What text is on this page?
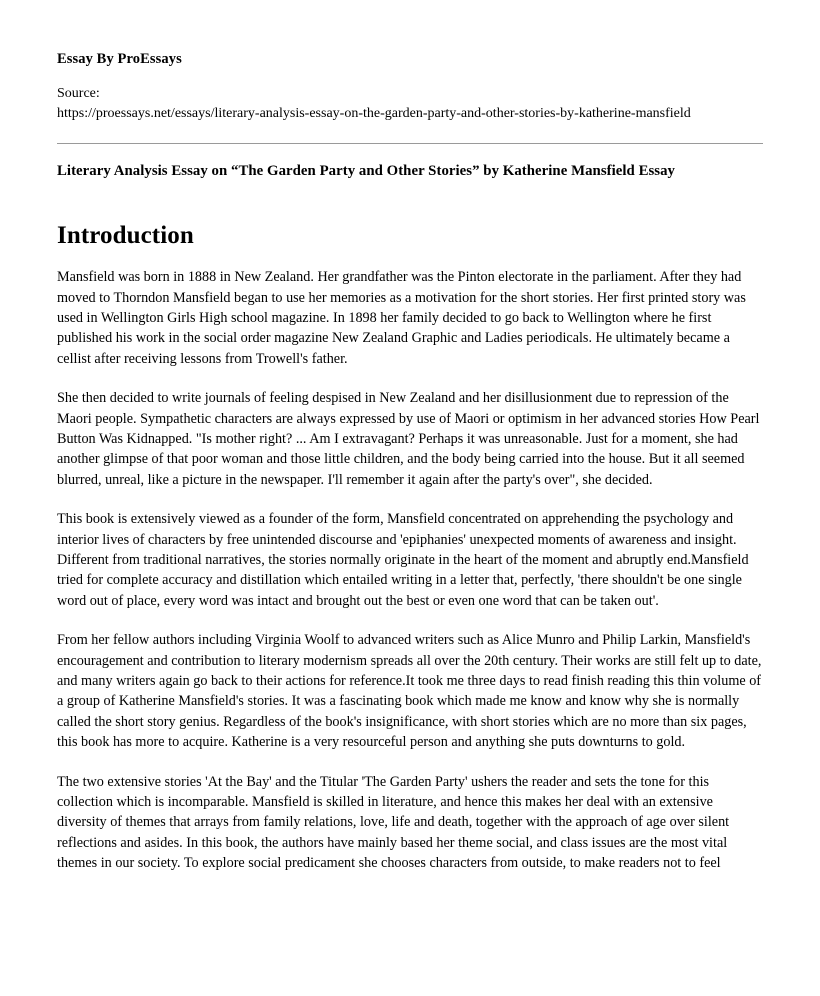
Essay By ProEssays
Source:
https://proessays.net/essays/literary-analysis-essay-on-the-garden-party-and-other-stories-by-katherine-mansfield
Literary Analysis Essay on “The Garden Party and Other Stories” by Katherine Mansfield Essay
Introduction

Mansfield was born in 1888 in New Zealand. Her grandfather was the Pinton electorate in the parliament. After they had moved to Thorndon Mansfield began to use her memories as a motivation for the short stories. Her first printed story was used in Wellington Girls High school magazine. In 1898 her family decided to go back to Wellington where he first published his work in the social order magazine New Zealand Graphic and Ladies periodicals. He ultimately became a cellist after receiving lessons from Trowell's father.

She then decided to write journals of feeling despised in New Zealand and her disillusionment due to repression of the Maori people. Sympathetic characters are always expressed by use of Maori or optimism in her advanced stories How Pearl Button Was Kidnapped. "Is mother right? ... Am I extravagant? Perhaps it was unreasonable. Just for a moment, she had another glimpse of that poor woman and those little children, and the body being carried into the house. But it all seemed blurred, unreal, like a picture in the newspaper. I'll remember it again after the party's over", she decided.

This book is extensively viewed as a founder of the form, Mansfield concentrated on apprehending the psychology and interior lives of characters by free unintended discourse and 'epiphanies' unexpected moments of awareness and insight. Different from traditional narratives, the stories normally originate in the heart of the moment and abruptly end.Mansfield tried for complete accuracy and distillation which entailed writing in a letter that, perfectly, 'there shouldn't be one single word out of place, every word was intact and brought out the best or even one word that can be taken out'.

From her fellow authors including Virginia Woolf to advanced writers such as Alice Munro and Philip Larkin, Mansfield's encouragement and contribution to literary modernism spreads all over the 20th century. Their works are still felt up to date, and many writers again go back to their actions for reference.It took me three days to read finish reading this thin volume of a group of Katherine Mansfield's stories. It was a fascinating book which made me know and know why she is normally called the short story genius. Regardless of the book's insignificance, with short stories which are no more than six pages, this book has more to acquire. Katherine is a very resourceful person and anything she puts downturns to gold.

The two extensive stories 'At the Bay' and the Titular 'The Garden Party' ushers the reader and sets the tone for this collection which is incomparable. Mansfield is skilled in literature, and hence this makes her deal with an extensive diversity of themes that arrays from family relations, love, life and death, together with the approach of age over silent reflections and asides. In this book, the authors have mainly based her theme social, and class issues are the most vital themes in our society. To explore social predicament she chooses characters from outside, to make readers not to feel
